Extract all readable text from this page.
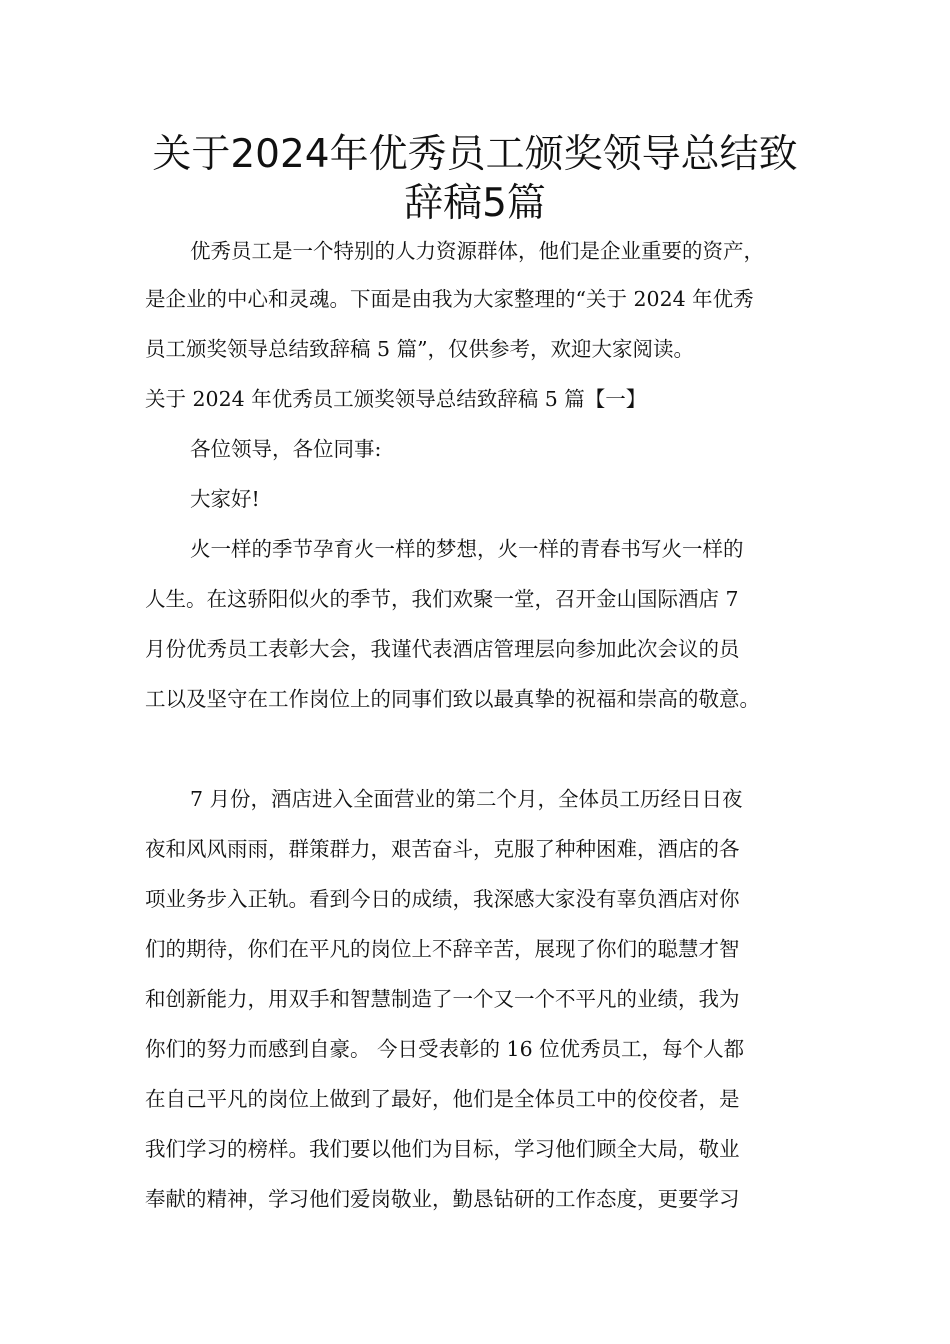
关于2024年优秀员工颁奖领导总结致
辞稿5篇

优秀员工是一个特别的人力资源群体，他们是企业重要的资产，

是企业的中心和灵魂。下面是由我为大家整理的“关于 2024 年优秀

员工颁奖领导总结致辞稿 5 篇”，仅供参考，欢迎大家阅读。

关于 2024 年优秀员工颁奖领导总结致辞稿 5 篇【一】

各位领导，各位同事:

大家好!

火一样的季节孕育火一样的梦想，火一样的青春书写火一样的

人生。在这骄阳似火的季节，我们欢聚一堂，召开金山国际酒店 7

月份优秀员工表彰大会，我谨代表酒店管理层向参加此次会议的员

工以及坚守在工作岗位上的同事们致以最真挚的祝福和崇高的敬意。

7 月份，酒店进入全面营业的第二个月，全体员工历经日日夜

夜和风风雨雨，群策群力，艰苦奋斗，克服了种种困难，酒店的各

项业务步入正轨。看到今日的成绩，我深感大家没有辜负酒店对你

们的期待，你们在平凡的岗位上不辞辛苦，展现了你们的聪慧才智

和创新能力，用双手和智慧制造了一个又一个不平凡的业绩，我为

你们的努力而感到自豪。 今日受表彰的 16 位优秀员工，每个人都

在自己平凡的岗位上做到了最好，他们是全体员工中的佼佼者，是

我们学习的榜样。我们要以他们为目标，学习他们顾全大局，敬业

奉献的精神，学习他们爱岗敬业，勤恳钻研的工作态度，更要学习
